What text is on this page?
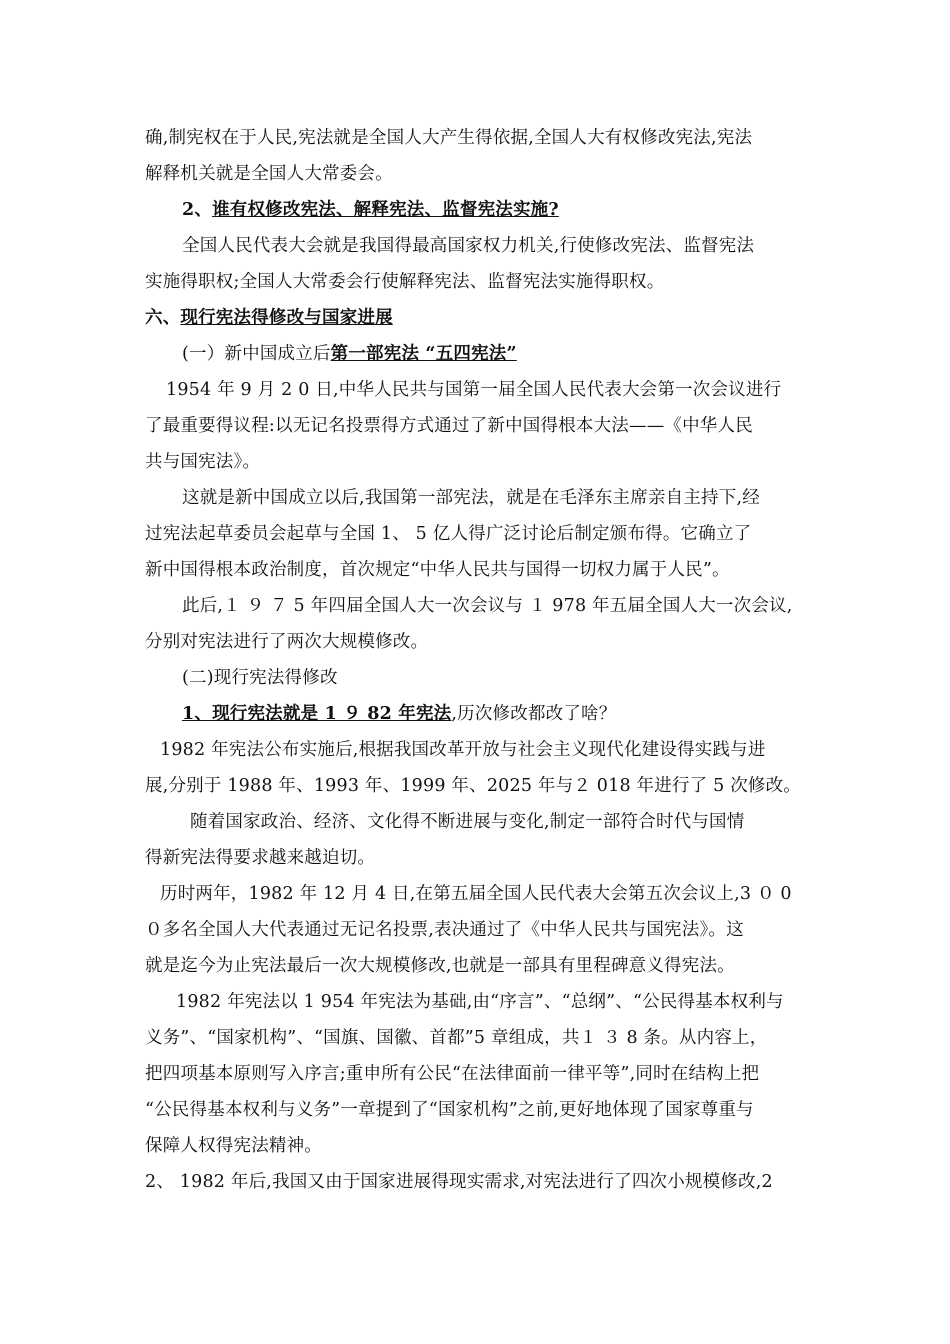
确,制宪权在于人民,宪法就是全国人大产生得依据,全国人大有权修改宪法,宪法
解释机关就是全国人大常委会。
2、谁有权修改宪法、解释宪法、监督宪法实施?
全国人民代表大会就是我国得最高国家权力机关,行使修改宪法、监督宪法
实施得职权;全国人大常委会行使解释宪法、监督宪法实施得职权。
六、现行宪法得修改与国家进展
(一）新中国成立后第一部宪法 “五四宪法”
1954 年 9 月 2 0 日,中华人民共与国第一届全国人民代表大会第一次会议进行
了最重要得议程:以无记名投票得方式通过了新中国得根本大法——《中华人民
共与国宪法》。
这就是新中国成立以后,我国第一部宪法，就是在毛泽东主席亲自主持下,经
过宪法起草委员会起草与全国 1、 5 亿人得广泛讨论后制定颁布得。它确立了
新中国得根本政治制度，首次规定“中华人民共与国得一切权力属于人民”。
此后,１ ９ ７ 5 年四届全国人大一次会议与 １ 978 年五届全国人大一次会议,
分别对宪法进行了两次大规模修改。
(二)现行宪法得修改
1、现行宪法就是 1 ９ 82 年宪法,历次修改都改了啥？
1982 年宪法公布实施后,根据我国改革开放与社会主义现代化建设得实践与进
展,分别于 1988 年、1993 年、1999 年、2025 年与２ 018 年进行了 5 次修改。
随着国家政治、经济、文化得不断进展与变化,制定一部符合时代与国情
得新宪法得要求越来越迫切。
历时两年，1982 年 12 月 4 日,在第五届全国人民代表大会第五次会议上,3 ０ 0
０多名全国人大代表通过无记名投票,表决通过了《中华人民共与国宪法》。这
就是迄今为止宪法最后一次大规模修改,也就是一部具有里程碑意义得宪法。
1982 年宪法以 1 954 年宪法为基础,由“序言”、“总纲”、“公民得基本权利与
义务”、“国家机构”、“国旗、国徽、首都”5 章组成，共１ ３ 8 条。从内容上，
把四项基本原则写入序言;重申所有公民“在法律面前一律平等”,同时在结构上把
“公民得基本权利与义务”一章提到了“国家机构”之前,更好地体现了国家尊重与
保障人权得宪法精神。
2、 1982 年后,我国又由于国家进展得现实需求,对宪法进行了四次小规模修改,2
